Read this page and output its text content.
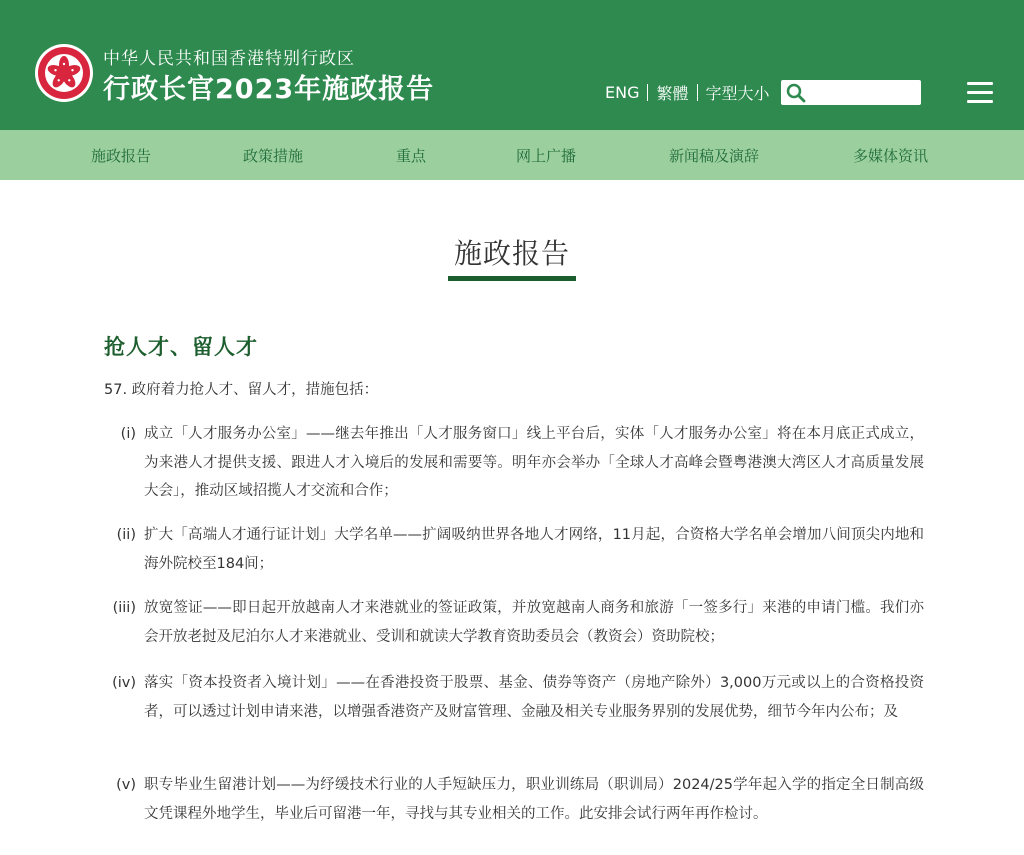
中华人民共和国香港特别行政区
行政长官2023年施政报告	ENG 繁體 字型大小
施政报告	政策措施	重点	网上广播	新闻稿及演辞	多媒体资讯
施政报告
抢人才、留人才
57. 政府着力抢人才、留人才，措施包括：
(i) 成立「人才服务办公室」——继去年推出「人才服务窗口」线上平台后，实体「人才服务办公室」将在本月底正式成立，为来港人才提供支援、跟进人才入境后的发展和需要等。明年亦会举办「全球人才高峰会暨粤港澳大湾区人才高质量发展大会」，推动区域招揽人才交流和合作；
(ii) 扩大「高端人才通行证计划」大学名单——扩阔吸纳世界各地人才网络，11月起，合资格大学名单会增加八间顶尖内地和海外院校至184间；
(iii) 放宽签证——即日起开放越南人才来港就业的签证政策，并放宽越南人商务和旅游「一签多行」来港的申请门槛。我们亦会开放老挝及尼泊尔人才来港就业、受训和就读大学教育资助委员会（教资会）资助院校；
(iv) 落实「资本投资者入境计划」——在香港投资于股票、基金、债券等资产（房地产除外）3,000万元或以上的合资格投资者，可以透过计划申请来港，以增强香港资产及财富管理、金融及相关专业服务界别的发展优势，细节今年内公布；及
(v) 职专毕业生留港计划——为纾缓技术行业的人手短缺压力，职业训练局（职训局）2024/25学年起入学的指定全日制高级文凭课程外地学生，毕业后可留港一年，寻找与其专业相关的工作。此安排会试行两年再作检讨。
